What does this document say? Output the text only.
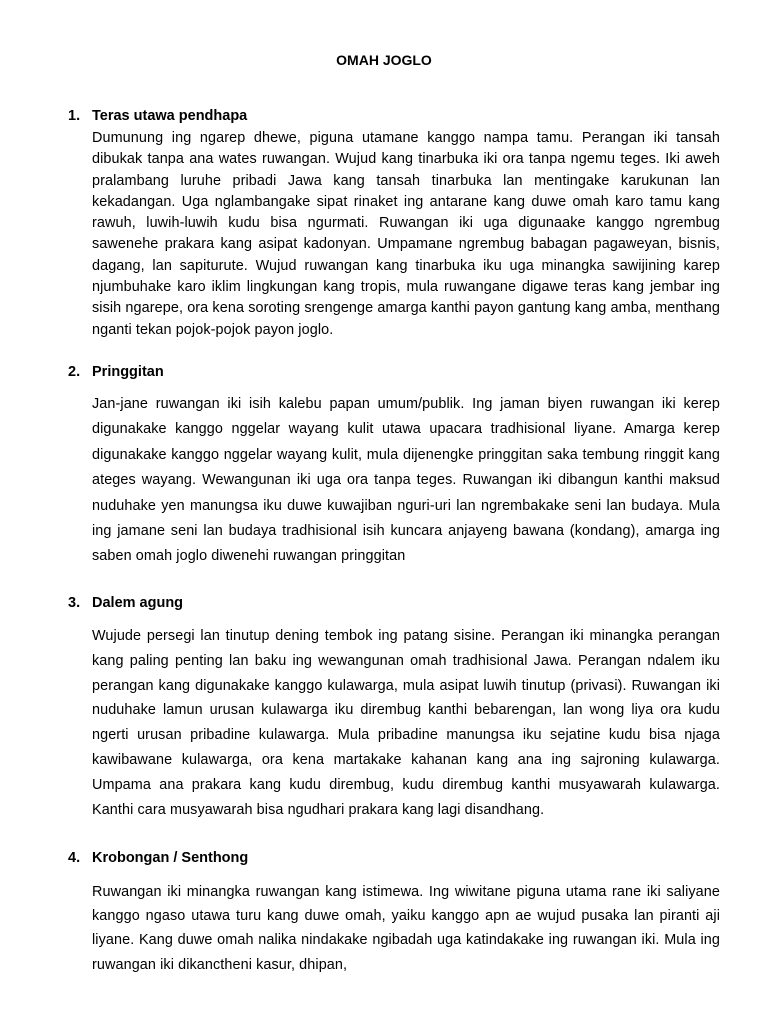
OMAH JOGLO
1. Teras utawa pendhapa

Dumunung ing ngarep dhewe, piguna utamane kanggo nampa tamu. Perangan iki tansah dibukak tanpa ana wates ruwangan. Wujud kang tinarbuka iki ora tanpa ngemu teges. Iki aweh pralambang luruhe pribadi Jawa kang tansah tinarbuka lan mentingake karukunan lan kekadangan. Uga nglambangake sipat rinaket ing antarane kang duwe omah karo tamu kang rawuh, luwih-luwih kudu bisa ngurmati. Ruwangan iki uga digunaake kanggo ngrembug sawenehe prakara kang asipat kadonyan. Umpamane ngrembug babagan pagaweyan, bisnis, dagang, lan sapiturute. Wujud ruwangan kang tinarbuka iku uga minangka sawijining karep njumbuhake karo iklim lingkungan kang tropis, mula ruwangane digawe teras kang jembar ing sisih ngarepe, ora kena soroting srengenge amarga kanthi payon gantung kang amba, menthang nganti tekan pojok-pojok payon joglo.

2. Pringgitan

Jan-jane ruwangan iki isih kalebu papan umum/publik. Ing jaman biyen ruwangan iki kerep digunakake kanggo nggelar wayang kulit utawa upacara tradhisional liyane. Amarga kerep digunakake kanggo nggelar wayang kulit, mula dijenengke pringgitan saka tembung ringgit kang ateges wayang. Wewangunan iki uga ora tanpa teges. Ruwangan iki dibangun kanthi maksud nuduhake yen manungsa iku duwe kuwajiban nguri-uri lan ngrembakake seni lan budaya. Mula ing jamane seni lan budaya tradhisional isih kuncara anjayeng bawana (kondang), amarga ing saben omah joglo diwenehi ruwangan pringgitan

3. Dalem agung

Wujude persegi lan tinutup dening tembok ing patang sisine. Perangan iki minangka perangan kang paling penting lan baku ing wewangunan omah tradhisional Jawa. Perangan ndalem iku perangan kang digunakake kanggo kulawarga, mula asipat luwih tinutup (privasi). Ruwangan iki nuduhake lamun urusan kulawarga iku dirembug kanthi bebarengan, lan wong liya ora kudu ngerti urusan pribadine kulawarga. Mula pribadine manungsa iku sejatine kudu bisa njaga kawibawane kulawarga, ora kena martakake kahanan kang ana ing sajroning kulawarga. Umpama ana prakara kang kudu dirembug, kudu dirembug kanthi musyawarah kulawarga. Kanthi cara musyawarah bisa ngudhari prakara kang lagi disandhang.

4. Krobongan / Senthong

Ruwangan iki minangka ruwangan kang istimewa. Ing wiwitane piguna utama rane iki saliyane kanggo ngaso utawa turu kang duwe omah, yaiku kanggo apn ae wujud pusaka lan piranti aji liyane. Kang duwe omah nalika nindakake ngibadah uga katindakake ing ruwangan iki. Mula ing ruwangan iki dikanctheni kasur, dhipan,
